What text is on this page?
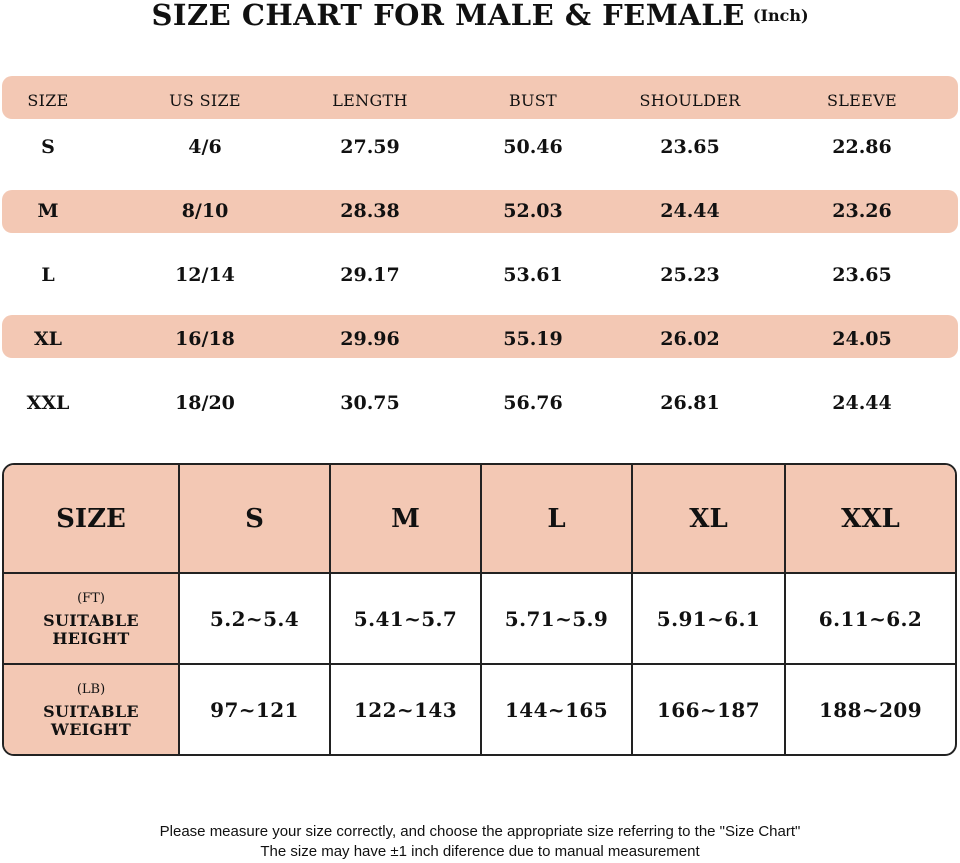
SIZE CHART FOR MALE & FEMALE (Inch)
SIZE	US SIZE	LENGTH	BUST	SHOULDER	SLEEVE
S	4/6	27.59	50.46	23.65	22.86
M	8/10	28.38	52.03	24.44	23.26
L	12/14	29.17	53.61	25.23	23.65
XL	16/18	29.96	55.19	26.02	24.05
XXL	18/20	30.75	56.76	26.81	24.44
SIZE	S	M	L	XL	XXL
(FT)
SUITABLE
HEIGHT
5.2~5.4	5.41~5.7	5.71~5.9	5.91~6.1	6.11~6.2
(LB)
SUITABLE
WEIGHT
97~121	122~143	144~165	166~187	188~209
Please measure your size correctly, and choose the appropriate size referring to the "Size Chart"
The size may have ±1 inch diference due to manual measurement
